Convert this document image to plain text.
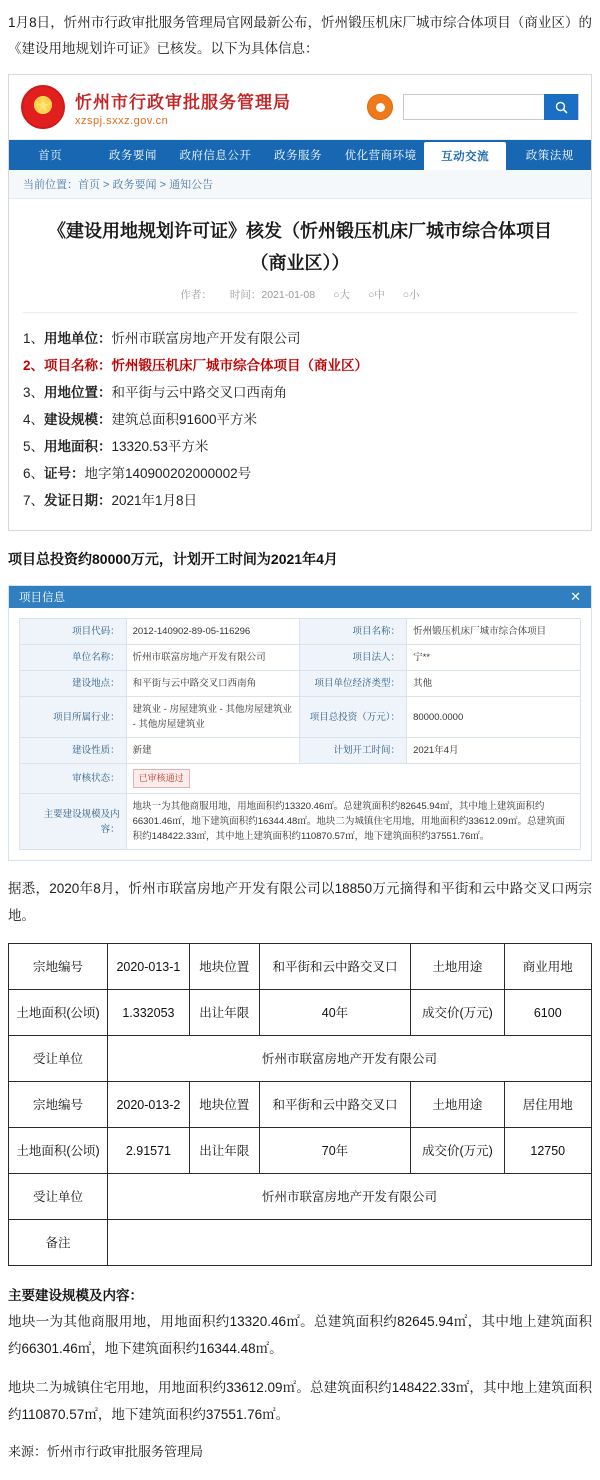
1月8日，忻州市行政审批服务管理局官网最新公布，忻州锻压机床厂城市综合体项目（商业区）的《建设用地规划许可证》已核发。以下为具体信息：
★
忻州市行政审批服务管理局
xzspj.sxxz.gov.cn
首页	政务要闻	政府信息公开	政务服务	优化营商环境	互动交流	政策法规
当前位置：首页 > 政务要闻 > 通知公告
《建设用地规划许可证》核发（忻州锻压机床厂城市综合体项目（商业区））
作者： 时间：2021-01-08 ○大 ○中 ○小
1、用地单位：忻州市联富房地产开发有限公司
2、项目名称：忻州锻压机床厂城市综合体项目（商业区）
3、用地位置：和平街与云中路交叉口西南角
4、建设规模：建筑总面积91600平方米
5、用地面积：13320.53平方米
6、证号：地字第140900202000002号
7、发证日期：2021年1月8日
项目总投资约80000万元，计划开工时间为2021年4月
项目信息	✕
项目代码：	2012-140902-89-05-116296	项目名称：	忻州锻压机床厂城市综合体项目
单位名称：	忻州市联富房地产开发有限公司	项目法人：	宁**
建设地点：	和平街与云中路交叉口西南角	项目单位经济类型：	其他
项目所属行业：	建筑业 - 房屋建筑业 - 其他房屋建筑业 - 其他房屋建筑业	项目总投资（万元）：	80000.0000
建设性质：	新建	计划开工时间：	2021年4月
审核状态：	已审核通过		
主要建设规模及内容：	地块一为其他商服用地，用地面积约13320.46㎡。总建筑面积约82645.94㎡，其中地上建筑面积约66301.46㎡，地下建筑面积约16344.48㎡。地块二为城镇住宅用地，用地面积约33612.09㎡。总建筑面积约148422.33㎡，其中地上建筑面积约110870.57㎡，地下建筑面积约37551.76㎡。		
据悉，2020年8月，忻州市联富房地产开发有限公司以18850万元摘得和平街和云中路交叉口两宗地。
宗地编号	2020-013-1	地块位置	和平街和云中路交叉口	土地用途	商业用地
土地面积(公顷)	1.332053	出让年限	40年	成交价(万元)	6100
受让单位	忻州市联富房地产开发有限公司				
宗地编号	2020-013-2	地块位置	和平街和云中路交叉口	土地用途	居住用地
土地面积(公顷)	2.91571	出让年限	70年	成交价(万元)	12750
受让单位	忻州市联富房地产开发有限公司				
备注					
主要建设规模及内容：
地块一为其他商服用地，用地面积约13320.46㎡。总建筑面积约82645.94㎡，其中地上建筑面积约66301.46㎡，地下建筑面积约16344.48㎡。
地块二为城镇住宅用地，用地面积约33612.09㎡。总建筑面积约148422.33㎡，其中地上建筑面积约110870.57㎡，地下建筑面积约37551.76㎡。
来源：忻州市行政审批服务管理局
